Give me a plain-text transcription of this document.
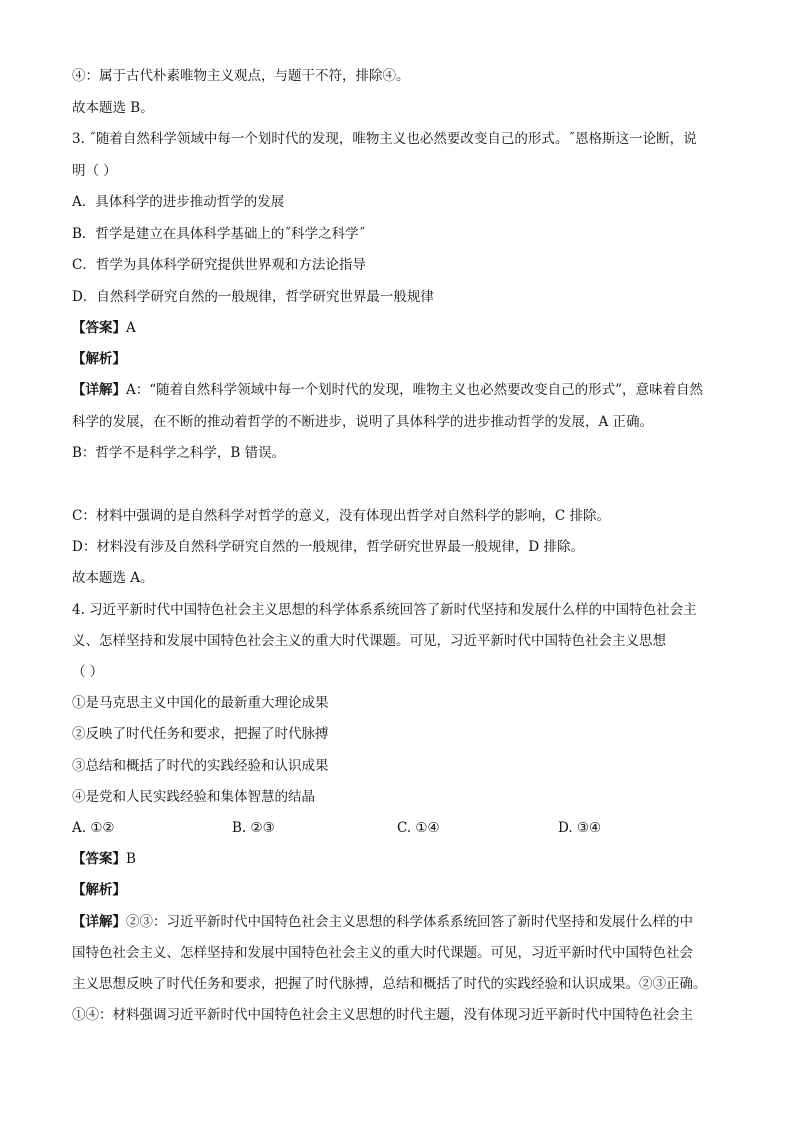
④：属于古代朴素唯物主义观点，与题干不符，排除④。
故本题选 B。
3. ˝随着自然科学领域中每一个划时代的发现，唯物主义也必然要改变自己的形式。˝恩格斯这一论断，说
明（ ）
A．具体科学的进步推动哲学的发展
B．哲学是建立在具体科学基础上的˝科学之科学˝
C．哲学为具体科学研究提供世界观和方法论指导
D．自然科学研究自然的一般规律，哲学研究世界最一般规律
【答案】A
【解析】
【详解】A：“随着自然科学领域中每一个划时代的发现，唯物主义也必然要改变自己的形式”，意味着自然
科学的发展，在不断的推动着哲学的不断进步，说明了具体科学的进步推动哲学的发展，A 正确。
B：哲学不是科学之科学，B 错误。
C：材料中强调的是自然科学对哲学的意义，没有体现出哲学对自然科学的影响，C 排除。
D：材料没有涉及自然科学研究自然的一般规律，哲学研究世界最一般规律，D 排除。
故本题选 A。
4. 习近平新时代中国特色社会主义思想的科学体系系统回答了新时代坚持和发展什么样的中国特色社会主
义、怎样坚持和发展中国特色社会主义的重大时代课题。可见，习近平新时代中国特色社会主义思想
（ ）
①是马克思主义中国化的最新重大理论成果
②反映了时代任务和要求，把握了时代脉搏
③总结和概括了时代的实践经验和认识成果
④是党和人民实践经验和集体智慧的结晶
A. ①②	B. ②③	C. ①④	D. ③④
【答案】B
【解析】
【详解】②③：习近平新时代中国特色社会主义思想的科学体系系统回答了新时代坚持和发展什么样的中
国特色社会主义、怎样坚持和发展中国特色社会主义的重大时代课题。可见，习近平新时代中国特色社会
主义思想反映了时代任务和要求，把握了时代脉搏，总结和概括了时代的实践经验和认识成果。②③正确。
①④：材料强调习近平新时代中国特色社会主义思想的时代主题，没有体现习近平新时代中国特色社会主
